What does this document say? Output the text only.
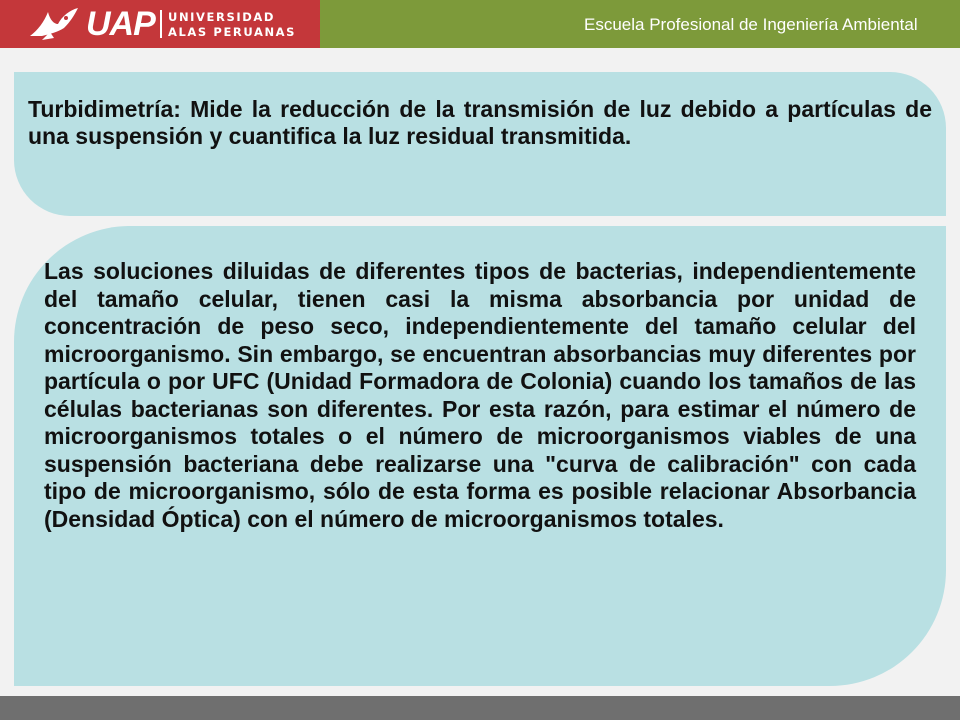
UAP UNIVERSIDAD
ALAS PERUANAS	Escuela Profesional de Ingeniería Ambiental
Turbidimetría: Mide la reducción de la transmisión de luz debido a partículas de una suspensión y cuantifica la luz residual transmitida.
Las soluciones diluidas de diferentes tipos de bacterias, independientemente del tamaño celular, tienen casi la misma absorbancia por unidad de concentración de peso seco, independientemente del tamaño celular del microorganismo. Sin embargo, se encuentran absorbancias muy diferentes por partícula o por UFC (Unidad Formadora de Colonia) cuando los tamaños de las células bacterianas son diferentes. Por esta razón, para estimar el número de microorganismos totales o el número de microorganismos viables de una suspensión bacteriana debe realizarse una "curva de calibración" con cada tipo de microorganismo, sólo de esta forma es posible relacionar Absorbancia (Densidad Óptica) con el número de microorganismos totales.
